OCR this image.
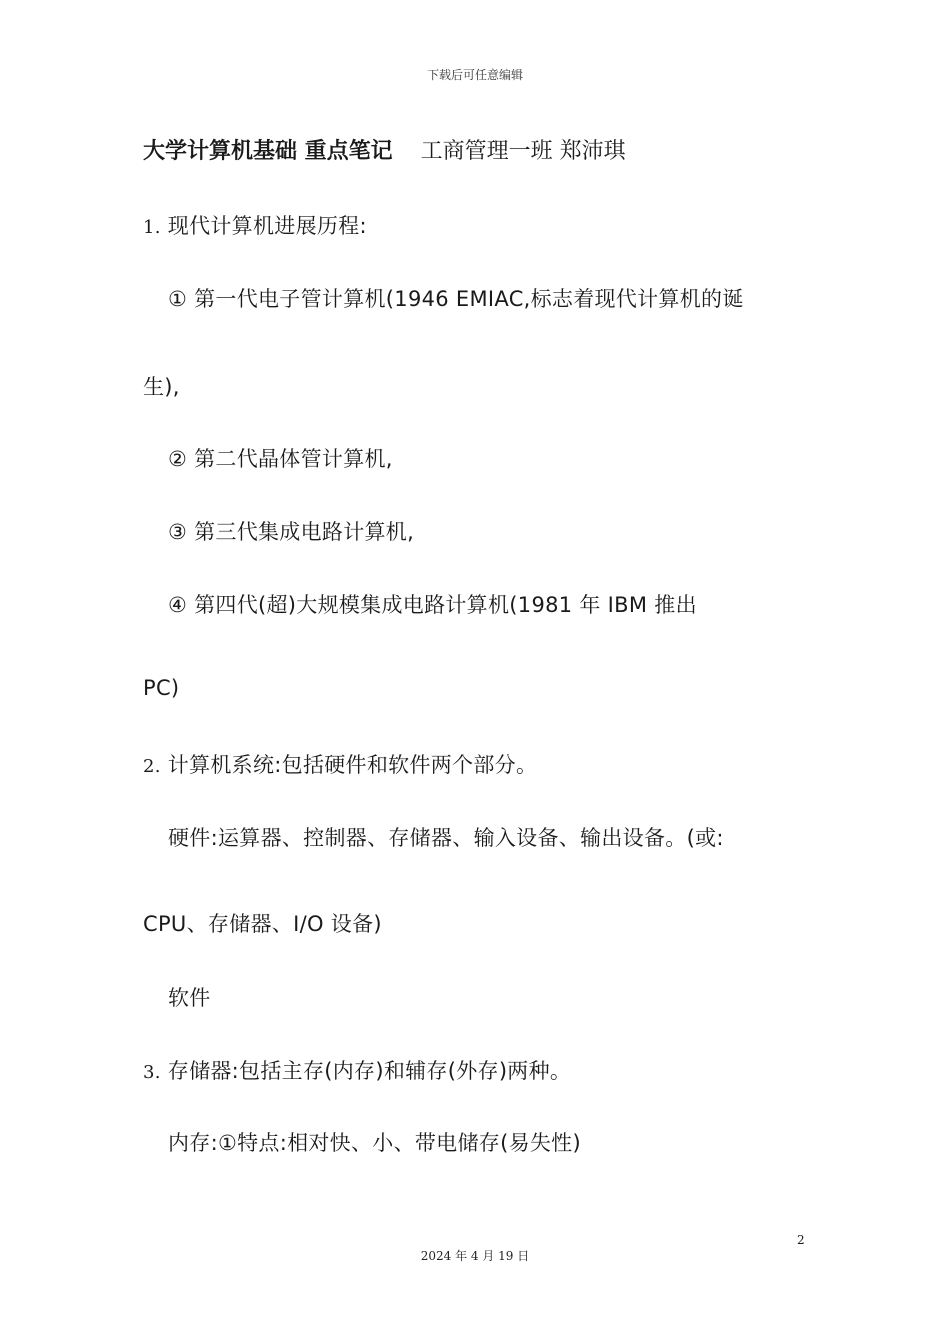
下载后可任意编辑
大学计算机基础 重点笔记 工商管理一班 郑沛琪
1. 现代计算机进展历程:
① 第一代电子管计算机(1946 EMIAC,标志着现代计算机的诞
生),
② 第二代晶体管计算机,
③ 第三代集成电路计算机,
④ 第四代(超)大规模集成电路计算机(1981 年 IBM 推出
PC)
2. 计算机系统:包括硬件和软件两个部分。
硬件:运算器、控制器、存储器、输入设备、输出设备。(或:
CPU、存储器、I/O 设备)
软件
3. 存储器:包括主存(内存)和辅存(外存)两种。
内存:①特点:相对快、小、带电储存(易失性)
2
2024 年 4 月 19 日
